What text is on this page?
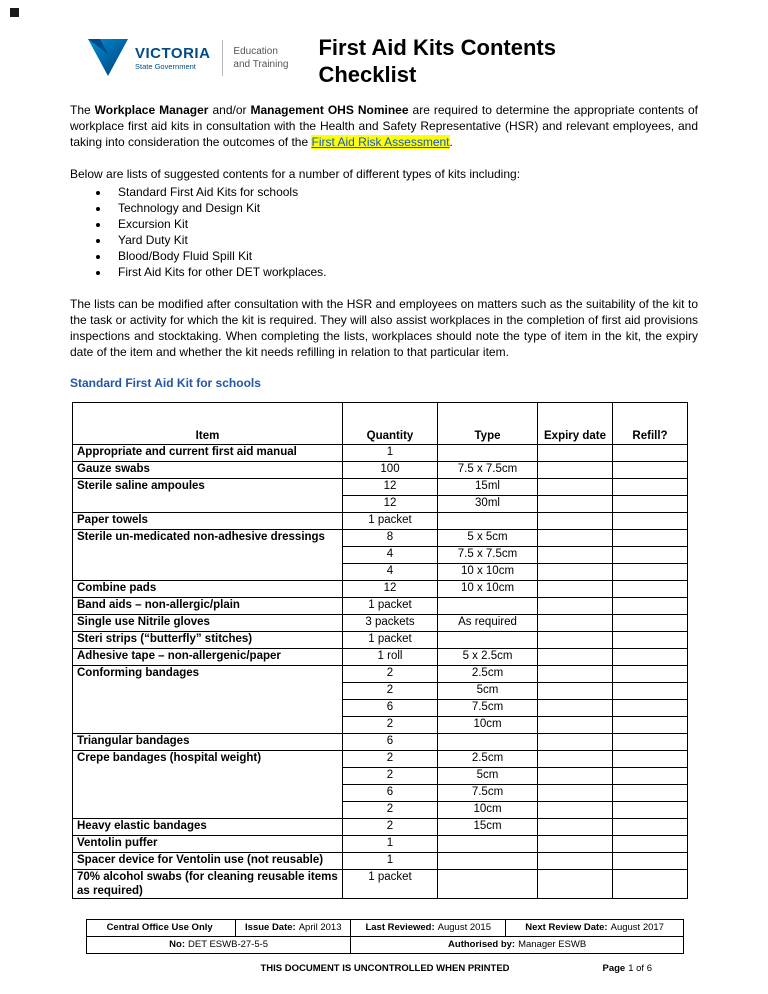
VICTORIA
State Government
Education
and Training
First Aid Kits Contents Checklist

The Workplace Manager and/or Management OHS Nominee are required to determine the appropriate contents of workplace first aid kits in consultation with the Health and Safety Representative (HSR) and relevant employees, and taking into consideration the outcomes of the First Aid Risk Assessment.

Below are lists of suggested contents for a number of different types of kits including:

• Standard First Aid Kits for schools
• Technology and Design Kit
• Excursion Kit
• Yard Duty Kit
• Blood/Body Fluid Spill Kit
• First Aid Kits for other DET workplaces.

The lists can be modified after consultation with the HSR and employees on matters such as the suitability of the kit to the task or activity for which the kit is required. They will also assist workplaces in the completion of first aid provisions inspections and stocktaking. When completing the lists, workplaces should note the type of item in the kit, the expiry date of the item and whether the kit needs refilling in relation to that particular item.

Standard First Aid Kit for schools
Item	Quantity	Type	Expiry date	Refill?
Appropriate and current first aid manual	1			
Gauze swabs	100	7.5 x 7.5cm		
Sterile saline ampoules	12	15ml		
	12	30ml		
Paper towels	1 packet			
Sterile un-medicated non-adhesive dressings	8	5 x 5cm		
	4	7.5 x 7.5cm		
	4	10 x 10cm		
Combine pads	12	10 x 10cm		
Band aids – non-allergic/plain	1 packet			
Single use Nitrile gloves	3 packets	As required		
Steri strips (“butterfly” stitches)	1 packet			
Adhesive tape – non-allergenic/paper	1 roll	5 x 2.5cm		
Conforming bandages	2	2.5cm		
	2	5cm		
	6	7.5cm		
	2	10cm		
Triangular bandages	6			
Crepe bandages (hospital weight)	2	2.5cm		
	2	5cm		
	6	7.5cm		
	2	10cm		
Heavy elastic bandages	2	15cm		
Ventolin puffer	1			
Spacer device for Ventolin use (not reusable)	1			
70% alcohol swabs (for cleaning reusable items as required)	1 packet			
Central Office Use Only	Issue Date: April 2013	Last Reviewed: August 2015	Next Review Date: August 2017
No: DET ESWB-27-5-5		Authorised by: Manager ESWB	
THIS DOCUMENT IS UNCONTROLLED WHEN PRINTED	Page 1 of 6
